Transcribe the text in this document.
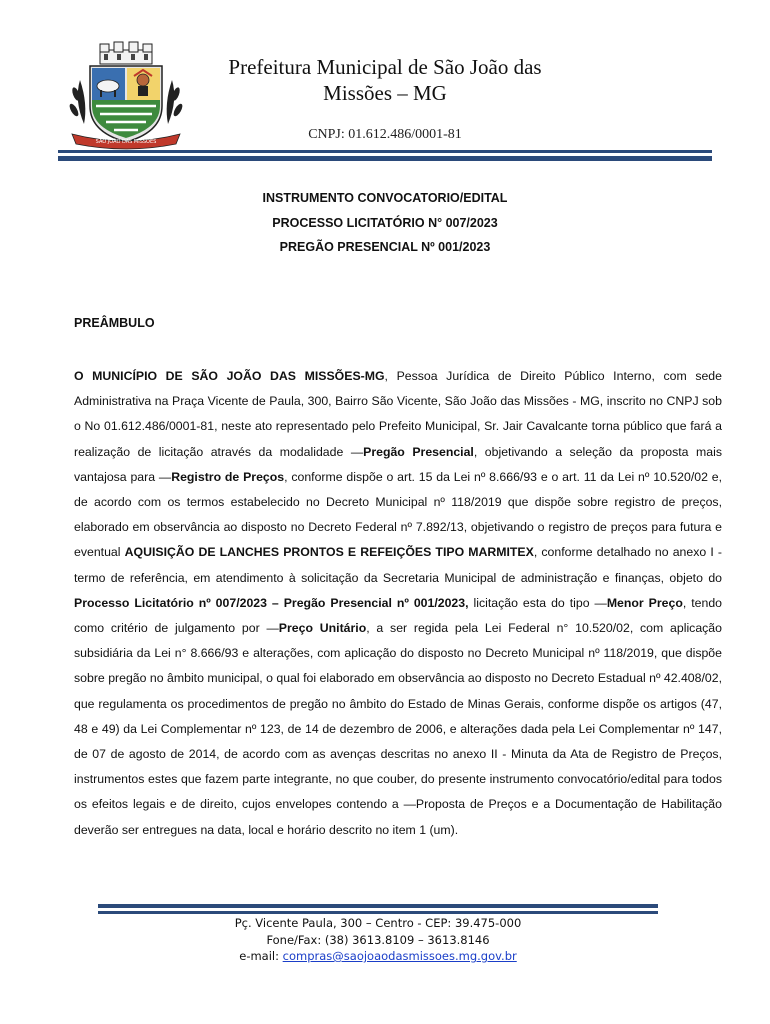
SÃO JOÃO DAS MISSÕES
Prefeitura Municipal de São João das
Missões – MG
CNPJ: 01.612.486/0001-81
INSTRUMENTO CONVOCATORIO/EDITAL
PROCESSO LICITATÓRIO N° 007/2023
PREGÃO PRESENCIAL Nº 001/2023
PREÂMBULO
O MUNICÍPIO DE SÃO JOÃO DAS MISSÕES-MG, Pessoa Jurídica de Direito Público Interno, com sede Administrativa na Praça Vicente de Paula, 300, Bairro São Vicente, São João das Missões - MG, inscrito no CNPJ sob o No 01.612.486/0001-81, neste ato representado pelo Prefeito Municipal, Sr. Jair Cavalcante torna público que fará a realização de licitação através da modalidade ―Pregão Presencial, objetivando a seleção da proposta mais vantajosa para ―Registro de Preços, conforme dispõe o art. 15 da Lei nº 8.666/93 e o art. 11 da Lei nº 10.520/02 e, de acordo com os termos estabelecido no Decreto Municipal nº 118/2019 que dispõe sobre registro de preços, elaborado em observância ao disposto no Decreto Federal nº 7.892/13, objetivando o registro de preços para futura e eventual AQUISIÇÃO DE LANCHES PRONTOS E REFEIÇÕES TIPO MARMITEX, conforme detalhado no anexo I - termo de referência, em atendimento à solicitação da Secretaria Municipal de administração e finanças, objeto do Processo Licitatório nº 007/2023 – Pregão Presencial nº 001/2023, licitação esta do tipo ―Menor Preço, tendo como critério de julgamento por ―Preço Unitário, a ser regida pela Lei Federal n° 10.520/02, com aplicação subsidiária da Lei n° 8.666/93 e alterações, com aplicação do disposto no Decreto Municipal nº 118/2019, que dispõe sobre pregão no âmbito municipal, o qual foi elaborado em observância ao disposto no Decreto Estadual nº 42.408/02, que regulamenta os procedimentos de pregão no âmbito do Estado de Minas Gerais, conforme dispõe os artigos (47, 48 e 49) da Lei Complementar nº 123, de 14 de dezembro de 2006, e alterações dada pela Lei Complementar nº 147, de 07 de agosto de 2014, de acordo com as avenças descritas no anexo II - Minuta da Ata de Registro de Preços, instrumentos estes que fazem parte integrante, no que couber, do presente instrumento convocatório/edital para todos os efeitos legais e de direito, cujos envelopes contendo a ―Proposta de Preços e a Documentação de Habilitação deverão ser entregues na data, local e horário descrito no item 1 (um).
Pç. Vicente Paula, 300 – Centro - CEP: 39.475-000
Fone/Fax: (38) 3613.8109 – 3613.8146
e-mail: compras@saojoaodasmissoes.mg.gov.br
